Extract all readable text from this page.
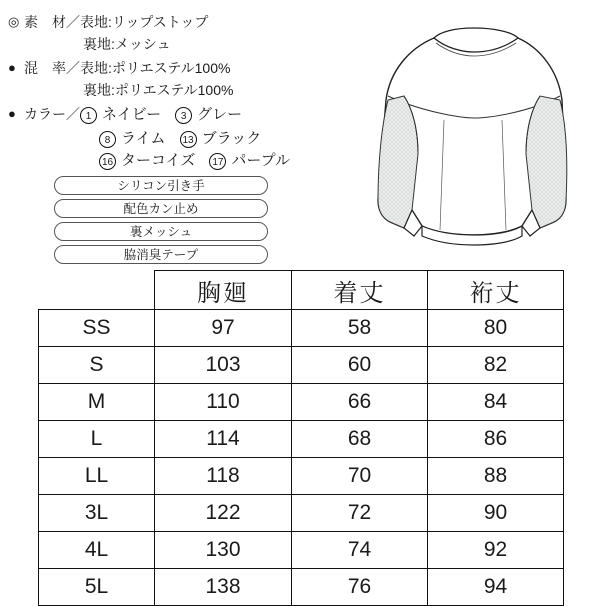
◎
素　材／ 表地:リップストップ
裏地:メッシュ
●
混　率／ 表地:ポリエステル100%
裏地:ポリエステル100%
●
カラー／ 1 ネイビー	3 グレー
8 ライム 13 ブラック
16 ターコイズ 17 パープル
シリコン引き手
配色カン止め
裏メッシュ
脇消臭テープ
	胸廻	着丈	裄丈
SS	97	58	80
S	103	60	82
M	110	66	84
L	114	68	86
LL	118	70	88
3L	122	72	90
4L	130	74	92
5L	138	76	94
